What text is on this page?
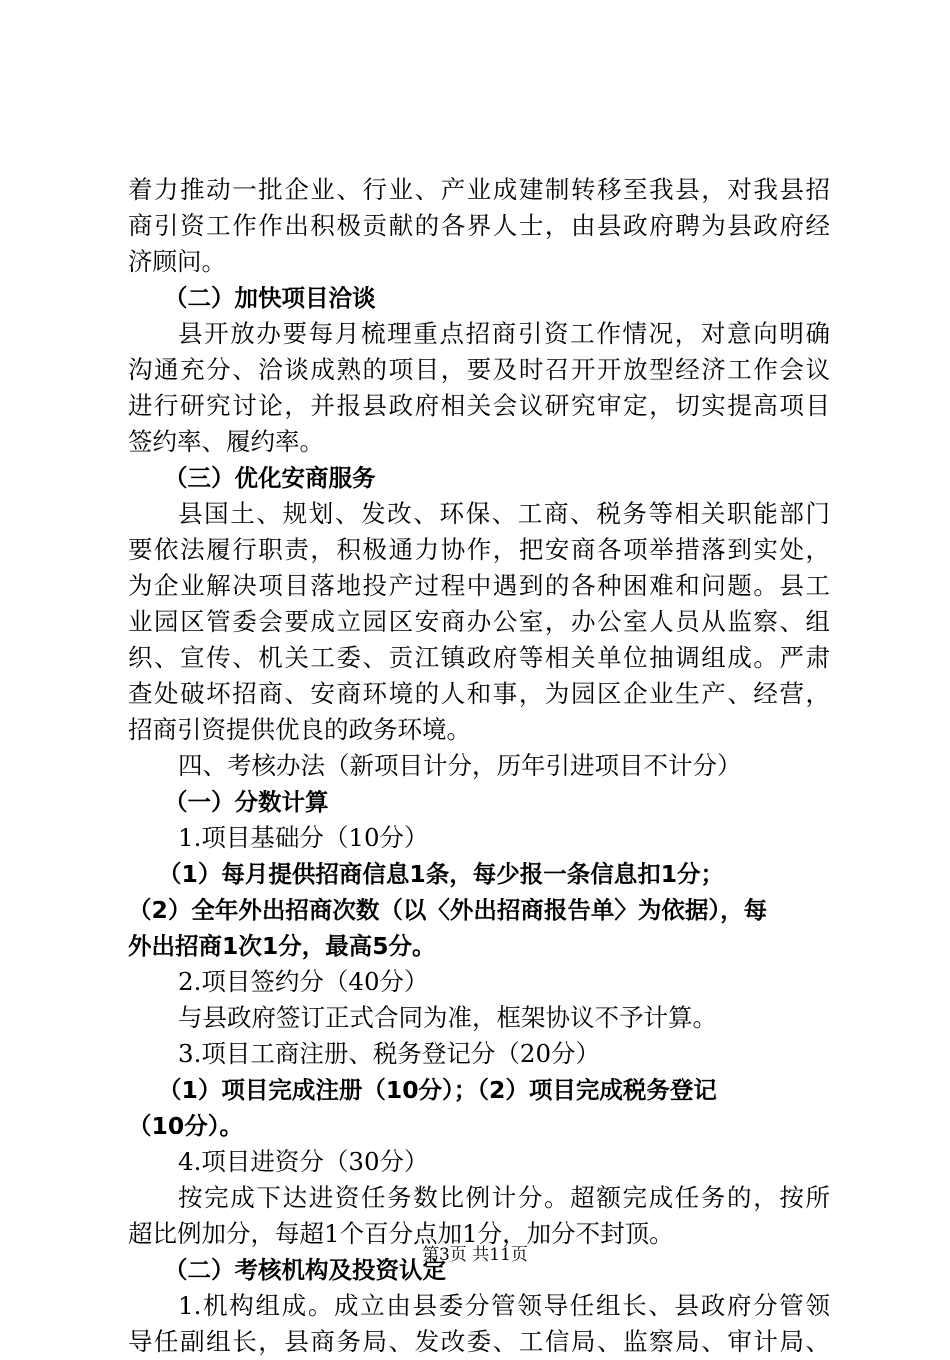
着力推动一批企业、行业、产业成建制转移至我县，对我县招
商引资工作作出积极贡献的各界人士，由县政府聘为县政府经
济顾问。
（二）加快项目洽谈
县开放办要每月梳理重点招商引资工作情况，对意向明确
沟通充分、洽谈成熟的项目，要及时召开开放型经济工作会议
进行研究讨论，并报县政府相关会议研究审定，切实提高项目
签约率、履约率。
（三）优化安商服务
县国土、规划、发改、环保、工商、税务等相关职能部门
要依法履行职责，积极通力协作，把安商各项举措落到实处，
为企业解决项目落地投产过程中遇到的各种困难和问题。县工
业园区管委会要成立园区安商办公室，办公室人员从监察、组
织、宣传、机关工委、贡江镇政府等相关单位抽调组成。严肃
查处破坏招商、安商环境的人和事，为园区企业生产、经营，
招商引资提供优良的政务环境。
四、考核办法（新项目计分，历年引进项目不计分）
（一）分数计算
1.项目基础分（10分）
（1）每月提供招商信息1条，每少报一条信息扣1分；
（2）全年外出招商次数（以〈外出招商报告单〉为依据），每
外出招商1次1分，最高5分。
2.项目签约分（40分）
与县政府签订正式合同为准，框架协议不予计算。
3.项目工商注册、税务登记分（20分）
（1）项目完成注册（10分）；（2）项目完成税务登记
（10分）。
4.项目进资分（30分）
按完成下达进资任务数比例计分。超额完成任务的，按所
超比例加分，每超1个百分点加1分，加分不封顶。
（二）考核机构及投资认定
1.机构组成。成立由县委分管领导任组长、县政府分管领
导任副组长，县商务局、发改委、工信局、监察局、审计局、
第3页 共11页
